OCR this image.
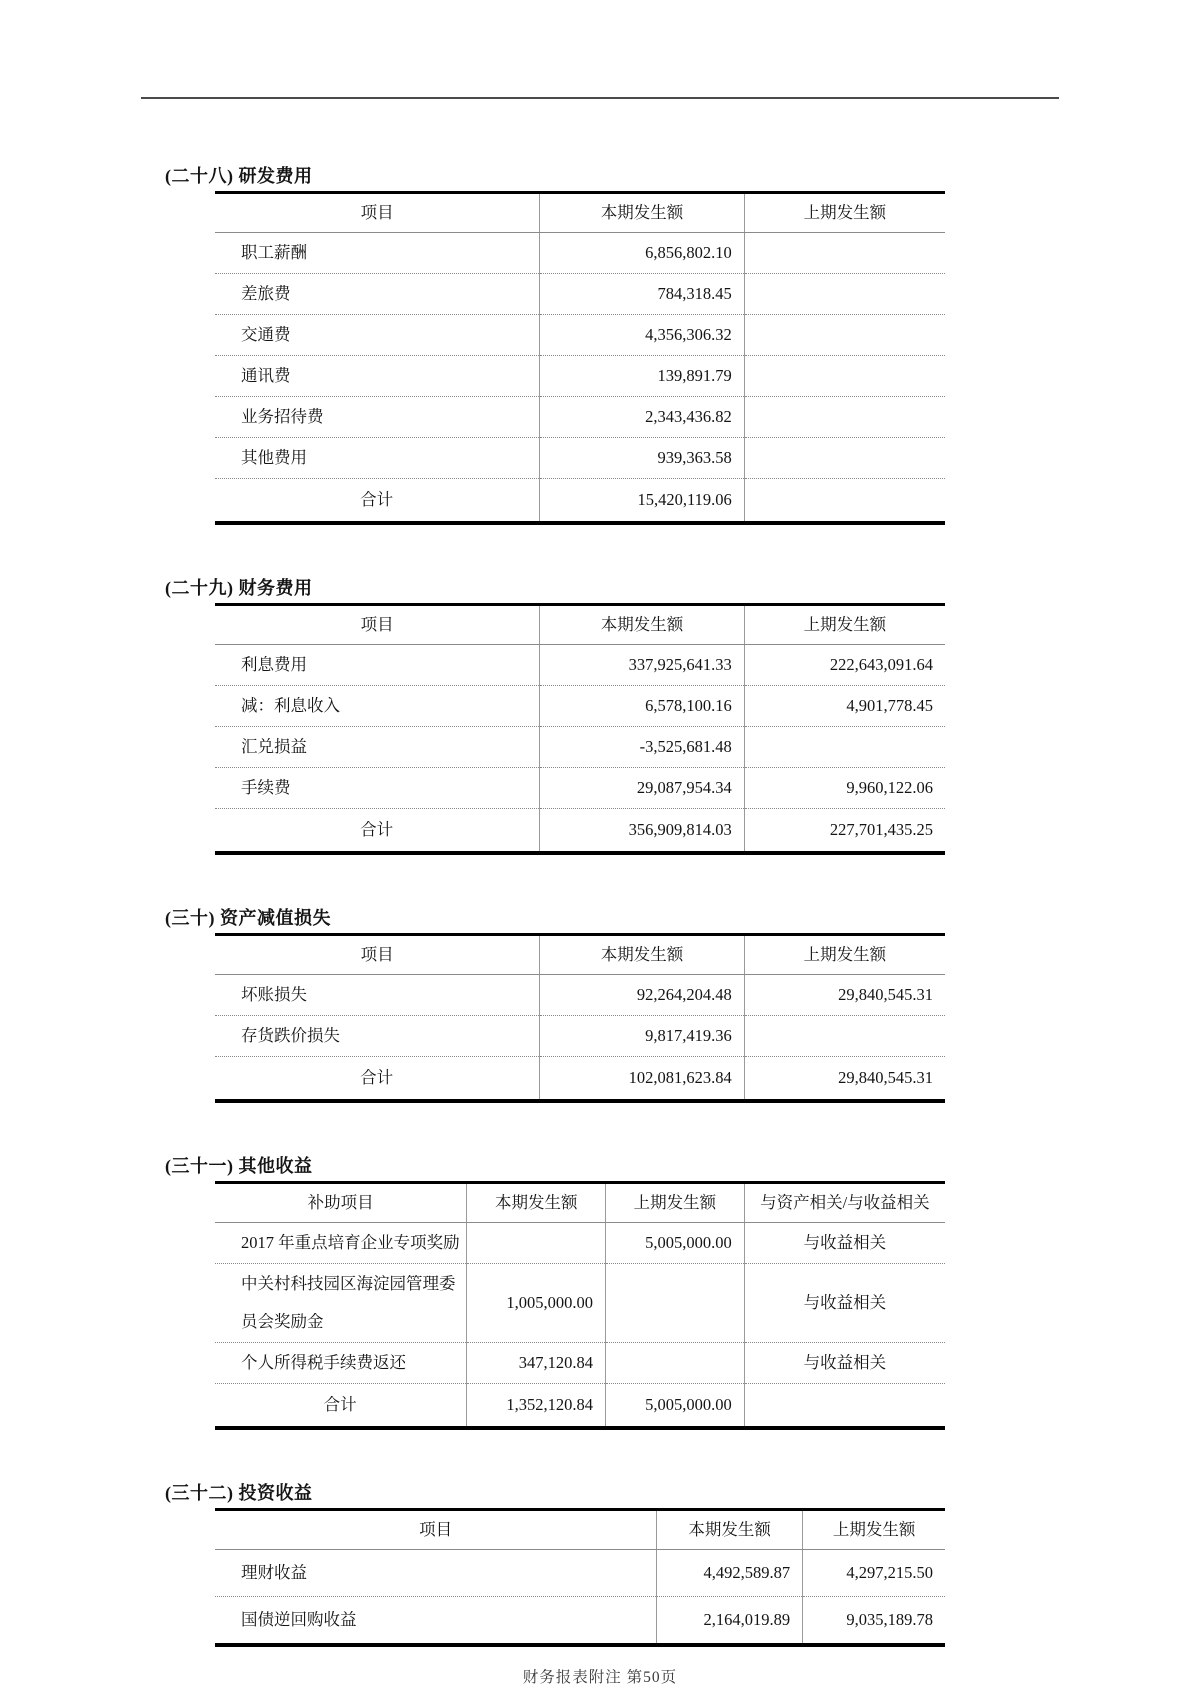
(二十八) 研发费用
项目	本期发生额	上期发生额
职工薪酬	6,856,802.10	
差旅费	784,318.45	
交通费	4,356,306.32	
通讯费	139,891.79	
业务招待费	2,343,436.82	
其他费用	939,363.58	
合计	15,420,119.06	
(二十九) 财务费用
项目	本期发生额	上期发生额
利息费用	337,925,641.33	222,643,091.64
减：利息收入	6,578,100.16	4,901,778.45
汇兑损益	-3,525,681.48	
手续费	29,087,954.34	9,960,122.06
合计	356,909,814.03	227,701,435.25
(三十) 资产减值损失
项目	本期发生额	上期发生额
坏账损失	92,264,204.48	29,840,545.31
存货跌价损失	9,817,419.36	
合计	102,081,623.84	29,840,545.31
(三十一) 其他收益
补助项目	本期发生额	上期发生额	与资产相关/与收益相关
2017 年重点培育企业专项奖励		5,005,000.00	与收益相关
中关村科技园区海淀园管理委员会奖励金	1,005,000.00		与收益相关
个人所得税手续费返还	347,120.84		与收益相关
合计	1,352,120.84	5,005,000.00	
(三十二) 投资收益
项目	本期发生额	上期发生额
理财收益	4,492,589.87	4,297,215.50
国债逆回购收益	2,164,019.89	9,035,189.78
财务报表附注 第50页
